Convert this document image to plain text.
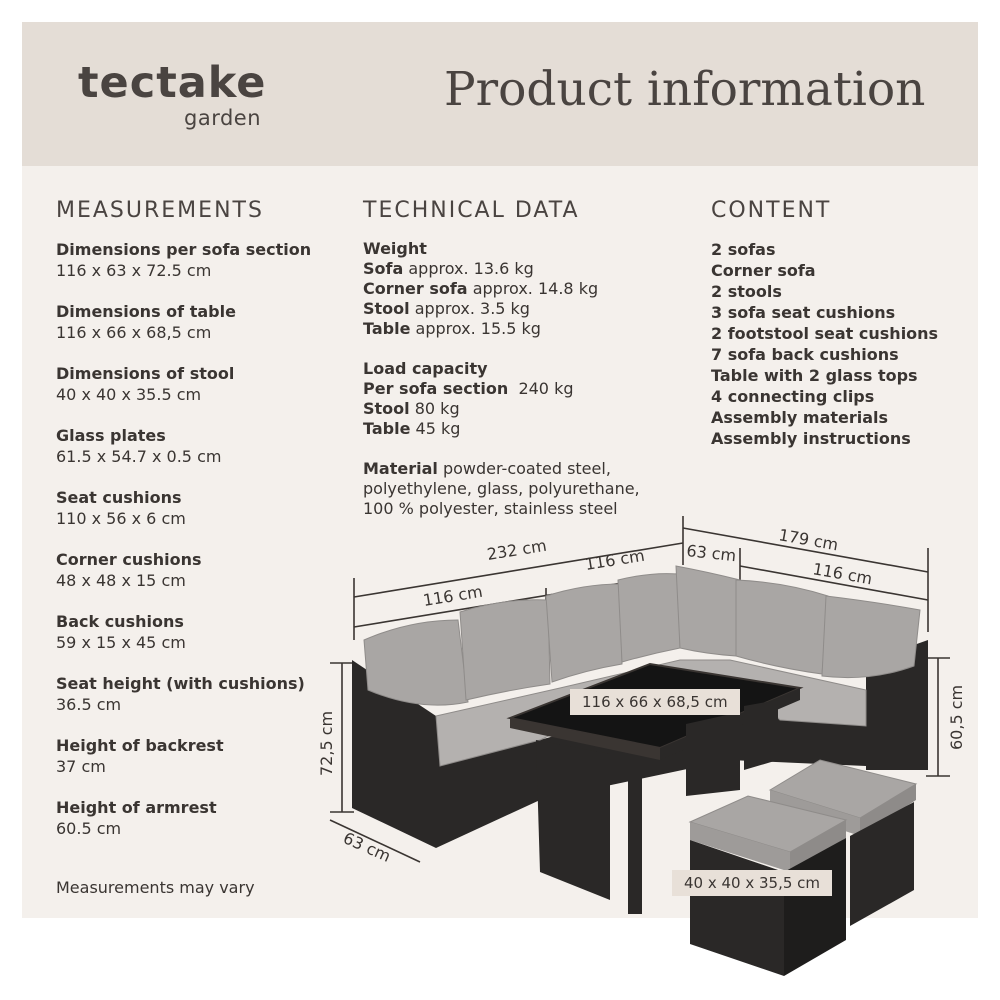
tectake
garden
Product information
MEASUREMENTS
Dimensions per sofa section
116 x 63 x 72.5 cm
Dimensions of table
116 x 66 x 68,5 cm
Dimensions of stool
40 x 40 x 35.5 cm
Glass plates
61.5 x 54.7 x 0.5 cm
Seat cushions
110 x 56 x 6 cm
Corner cushions
48 x 48 x 15 cm
Back cushions
59 x 15 x 45 cm
Seat height (with cushions)
36.5 cm
Height of backrest
37 cm
Height of armrest
60.5 cm
Measurements may vary
TECHNICAL DATA
Weight
Sofa approx. 13.6 kg
Corner sofa approx. 14.8 kg
Stool approx. 3.5 kg
Table approx. 15.5 kg
Load capacity
Per sofa section  240 kg
Stool 80 kg
Table 45 kg
Material powder-coated steel,
polyethylene, glass, polyurethane,
100 % polyester, stainless steel
CONTENT
2 sofas
Corner sofa
2 stools
3 sofa seat cushions
2 footstool seat cushions
7 sofa back cushions
Table with 2 glass tops
4 connecting clips
Assembly materials
Assembly instructions
232 cm
116 cm
116 cm 63 cm	179 cm
116 cm
72,5 cm	60,5 cm
63 cm
116 x 66 x 68,5 cm
40 x 40 x 35,5 cm
